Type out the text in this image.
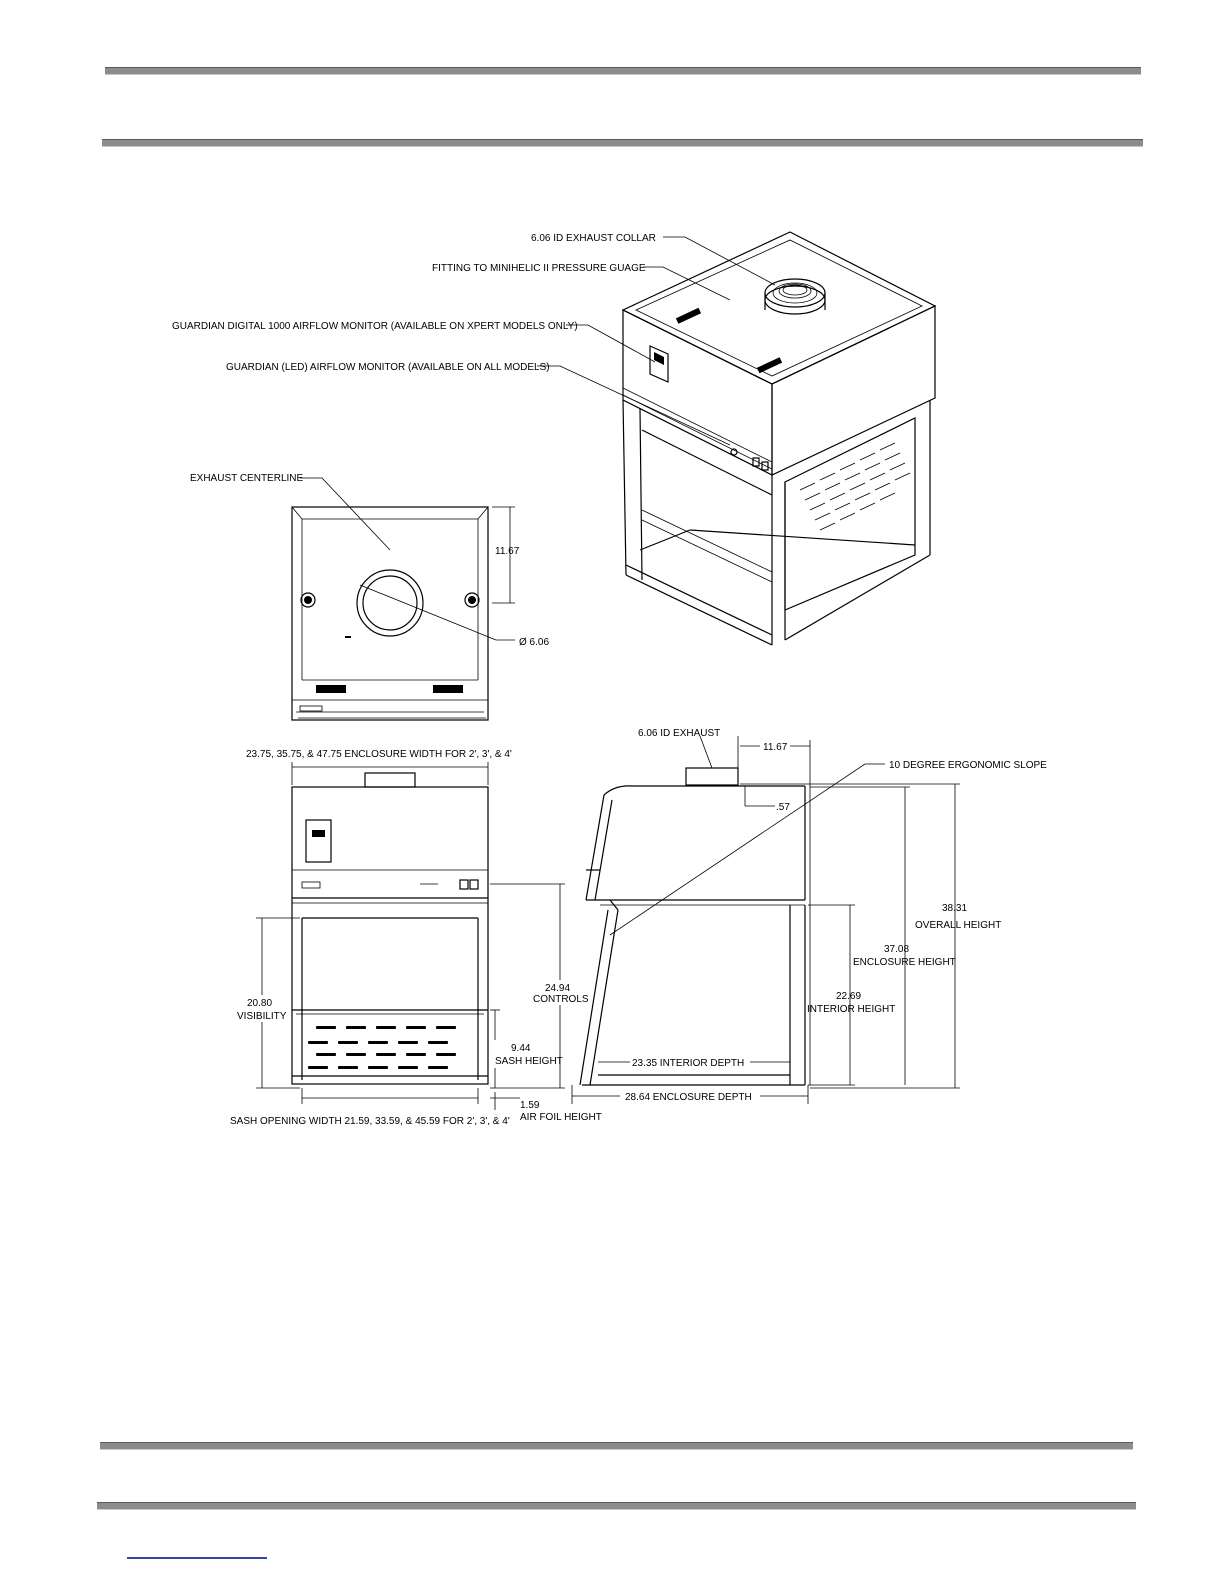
6.06 ID EXHAUST COLLAR
FITTING TO MINIHELIC II PRESSURE GUAGE
GUARDIAN DIGITAL 1000 AIRFLOW MONITOR (AVAILABLE ON XPERT MODELS ONLY)
GUARDIAN (LED) AIRFLOW MONITOR (AVAILABLE ON ALL MODELS)
EXHAUST CENTERLINE
11.67
Ø 6.06
23.75, 35.75, & 47.75 ENCLOSURE WIDTH FOR 2', 3', & 4'
20.80
VISIBILITY
24.94
CONTROLS
9.44
SASH HEIGHT
1.59
AIR FOIL HEIGHT
SASH OPENING WIDTH 21.59, 33.59, & 45.59 FOR 2', 3', & 4'
6.06 ID EXHAUST
11.67
10 DEGREE ERGONOMIC SLOPE
.57
38.31
OVERALL HEIGHT
37.08
ENCLOSURE HEIGHT
22.69
INTERIOR HEIGHT
23.35 INTERIOR DEPTH
28.64 ENCLOSURE DEPTH
